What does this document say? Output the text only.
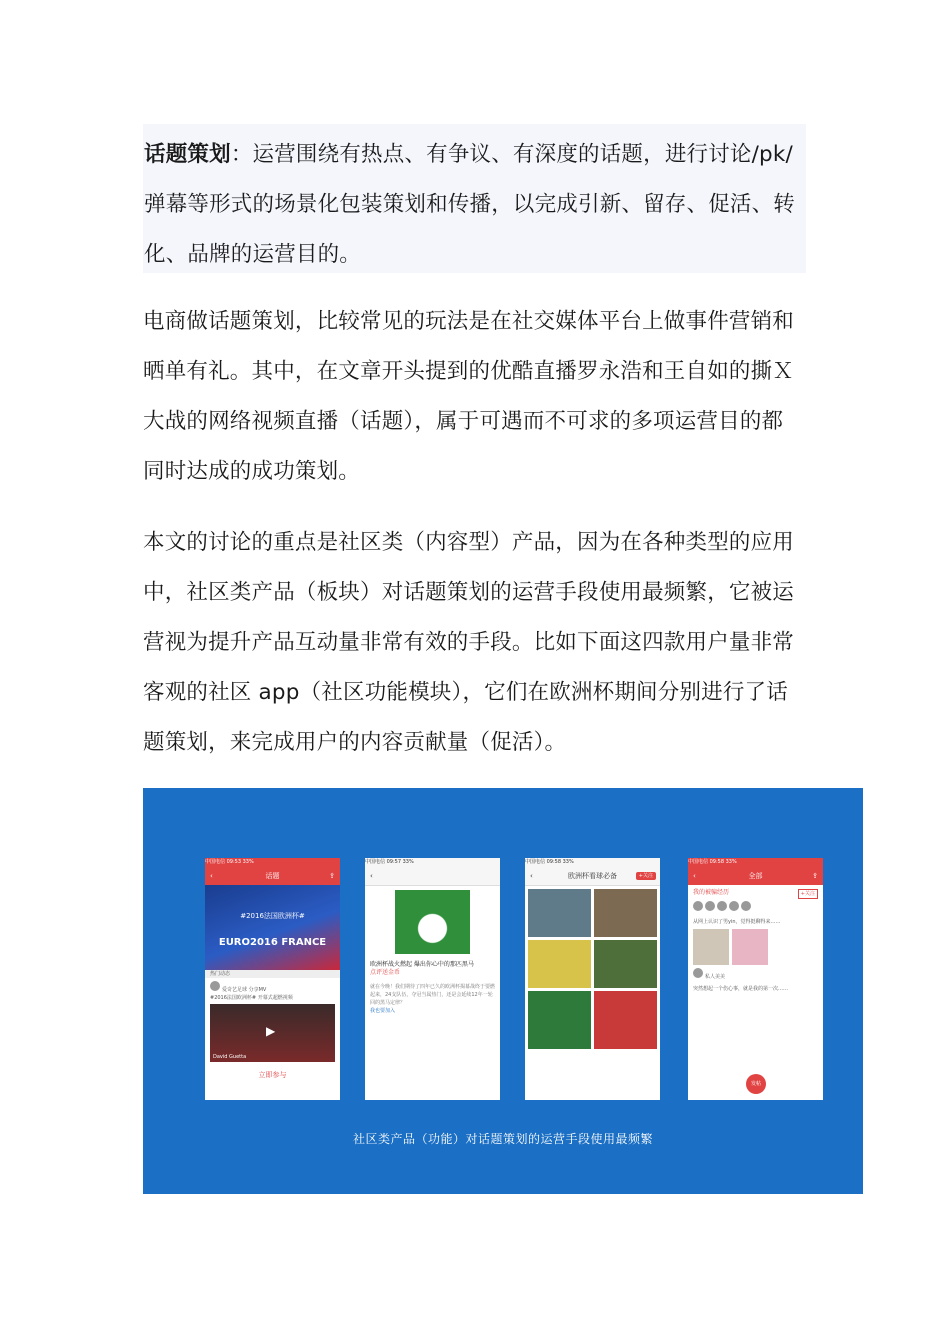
话题策划：运营围绕有热点、有争议、有深度的话题，进行讨论/pk/弹幕等形式的场景化包装策划和传播，以完成引新、留存、促活、转化、品牌的运营目的。

电商做话题策划，比较常见的玩法是在社交媒体平台上做事件营销和晒单有礼。其中，在文章开头提到的优酷直播罗永浩和王自如的撕Ｘ大战的网络视频直播（话题），属于可遇而不可求的多项运营目的都同时达成的成功策划。

本文的讨论的重点是社区类（内容型）产品，因为在各种类型的应用中，社区类产品（板块）对话题策划的运营手段使用最频繁，它被运营视为提升产品互动量非常有效的手段。比如下面这四款用户量非常客观的社区 app（社区功能模块），它们在欧洲杯期间分别进行了话题策划，来完成用户的内容贡献量（促活）。

中国电信 09:53 33%
话题
‹	⇪
#2016法国欧洲杯#
EURO2016 FRANCE
热门动态
爱奇艺足球 分享MV
#2016法国欧洲杯# 开幕式超燃视频
▶
David Guetta
立即参与
中国电信 09:57 33%
‹
欧洲杯战火燃起 爆出你心中的那匹黑马
点评送金币
就在今晚！我们期待了四年已久的欧洲杯揭幕战终于要燃起来，24支队伍，夺冠当属热门，还是会延续12年一轮回的黑马定律？
我也要加入
中国电信 09:58 33%
‹	欧洲杯看球必备	+关注
中国电信 09:58 33%
‹	全部	⇪
我的被骗经历	+关注
从网上认识了男yin，觉得挺聊得来……
私人美美
突然想起一个伤心事，就是我的第一次……
发帖
社区类产品（功能）对话题策划的运营手段使用最频繁
